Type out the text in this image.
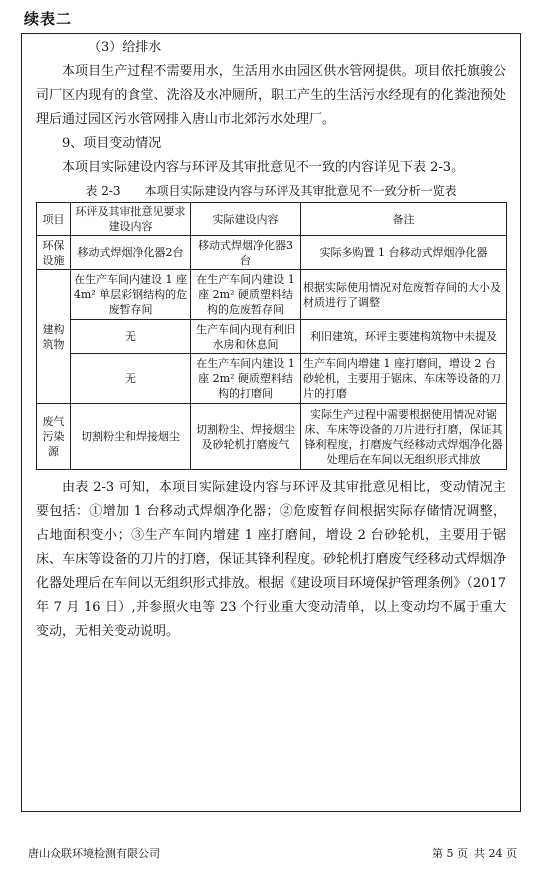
续表二

（3）给排水

本项目生产过程不需要用水，生活用水由园区供水管网提供。项目依托旗骏公司厂区内现有的食堂、洗浴及水冲厕所，职工产生的生活污水经现有的化粪池预处理后通过园区污水管网排入唐山市北郊污水处理厂。

9、项目变动情况

本项目实际建设内容与环评及其审批意见不一致的内容详见下表 2-3。

表 2-3　　本项目实际建设内容与环评及其审批意见不一致分析一览表

项目	环评及其审批意见要求建设内容	实际建设内容	备注
环保设施	移动式焊烟净化器2台	移动式焊烟净化器3台	实际多购置 1 台移动式焊烟净化器
建构筑物	在生产车间内建设 1 座 4m² 单层彩钢结构的危废暂存间	在生产车间内建设 1 座 2m² 硬质塑料结构的危废暂存间	根据实际使用情况对危废暂存间的大小及材质进行了调整
	无	生产车间内现有利旧水房和休息间	利旧建筑，环评主要建构筑物中未提及
	无	在生产车间内建设 1 座 2m² 硬质塑料结构的打磨间	生产车间内增建 1 座打磨间，增设 2 台砂轮机，主要用于锯床、车床等设备的刀片的打磨
废气污染源	切割粉尘和焊接烟尘	切割粉尘、焊接烟尘及砂轮机打磨废气	实际生产过程中需要根据使用情况对锯床、车床等设备的刀片进行打磨，保证其锋利程度，打磨废气经移动式焊烟净化器处理后在车间以无组织形式排放

由表 2-3 可知，本项目实际建设内容与环评及其审批意见相比，变动情况主要包括：①增加 1 台移动式焊烟净化器；②危废暂存间根据实际存储情况调整，占地面积变小；③生产车间内增建 1 座打磨间，增设 2 台砂轮机，主要用于锯床、车床等设备的刀片的打磨，保证其锋利程度。砂轮机打磨废气经移动式焊烟净化器处理后在车间以无组织形式排放。根据《建设项目环境保护管理条例》（2017 年 7 月 16 日）,并参照火电等 23 个行业重大变动清单，以上变动均不属于重大变动，无相关变动说明。

唐山众联环境检测有限公司	第 5 页 共 24 页
